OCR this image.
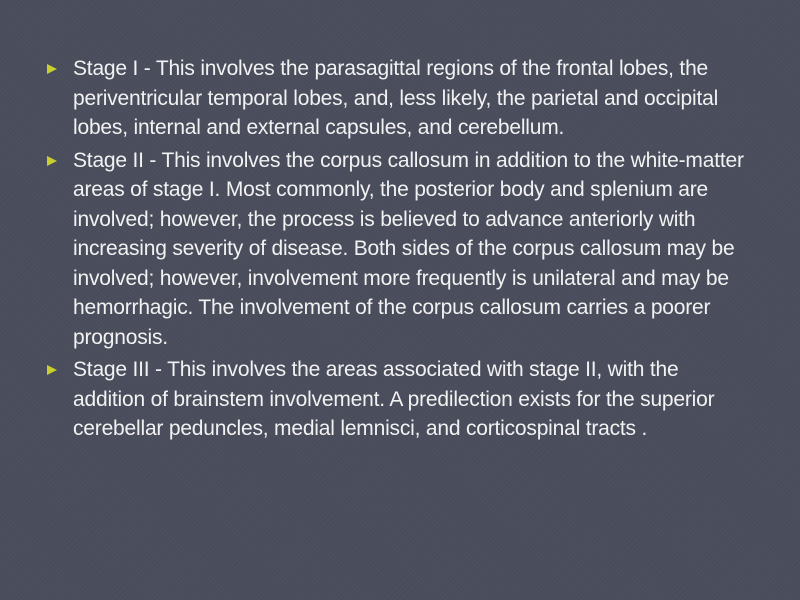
Stage I - This involves the parasagittal regions of the frontal lobes, the periventricular temporal lobes, and, less likely, the parietal and occipital lobes, internal and external capsules, and cerebellum.
Stage II - This involves the corpus callosum in addition to the white-matter areas of stage I. Most commonly, the posterior body and splenium are involved; however, the process is believed to advance anteriorly with increasing severity of disease. Both sides of the corpus callosum may be involved; however, involvement more frequently is unilateral and may be hemorrhagic. The involvement of the corpus callosum carries a poorer prognosis.
Stage III - This involves the areas associated with stage II, with the addition of brainstem involvement. A predilection exists for the superior cerebellar peduncles, medial lemnisci, and corticospinal tracts .
